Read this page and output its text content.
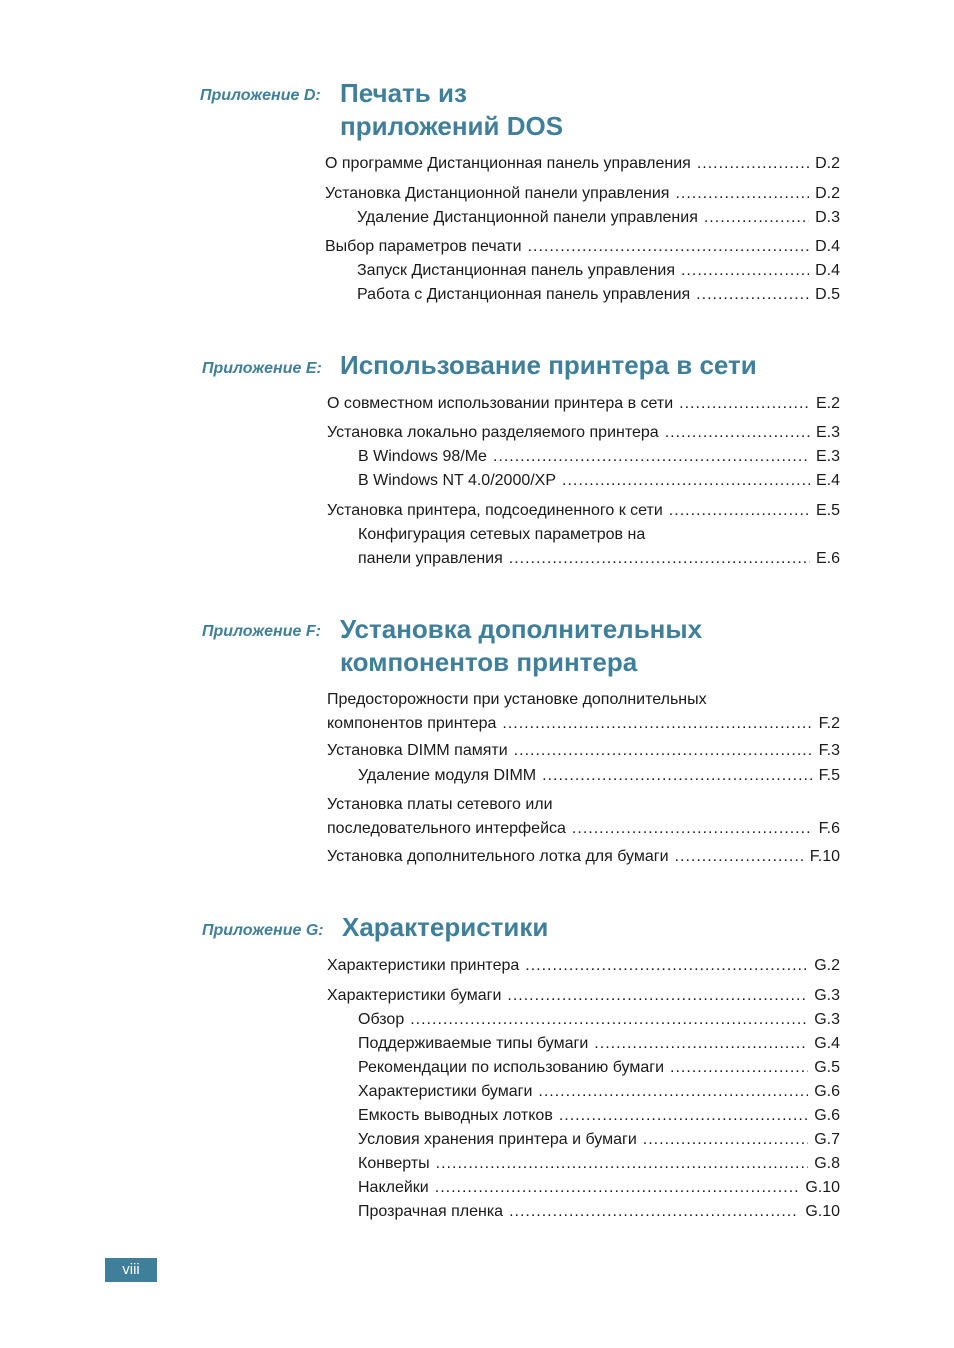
Приложение D: Печать из
приложений DOS
О программе Дистанционная панель управления .....	D.2
Установка Дистанционной панели управления .....	D.2
Удаление Дистанционной панели управления .....	D.3
Выбор параметров печати .....	D.4
Запуск Дистанционная панель управления .....	D.4
Работа с Дистанционная панель управления .....	D.5
Приложение E: Использование принтера в сети
О совместном использовании принтера в сети .....	E.2
Установка локально разделяемого принтера .....	E.3
В Windows 98/Me .....	E.3
В Windows NT 4.0/2000/XP .....	E.4
Установка принтера, подсоединенного к сети .....	E.5
Конфигурация сетевых параметров на
панели управления .....	E.6
Приложение F: Установка дополнительных
компонентов принтера
Предосторожности при установке дополнительных
компонентов принтера .....	F.2
Установка DIMM памяти .....	F.3
Удаление модуля DIMM .....	F.5
Установка платы сетевого или
последовательного интерфейса .....	F.6
Установка дополнительного лотка для бумаги .....	F.10
Приложение G: Характеристики
Характеристики принтера .....	G.2
Характеристики бумаги .....	G.3
Обзор .....	G.3
Поддерживаемые типы бумаги .....	G.4
Рекомендации по использованию бумаги .....	G.5
Характеристики бумаги .....	G.6
Емкость выводных лотков .....	G.6
Условия хранения принтера и бумаги .....	G.7
Конверты .....	G.8
Наклейки .....	G.10
Прозрачная пленка .....	G.10
viii
